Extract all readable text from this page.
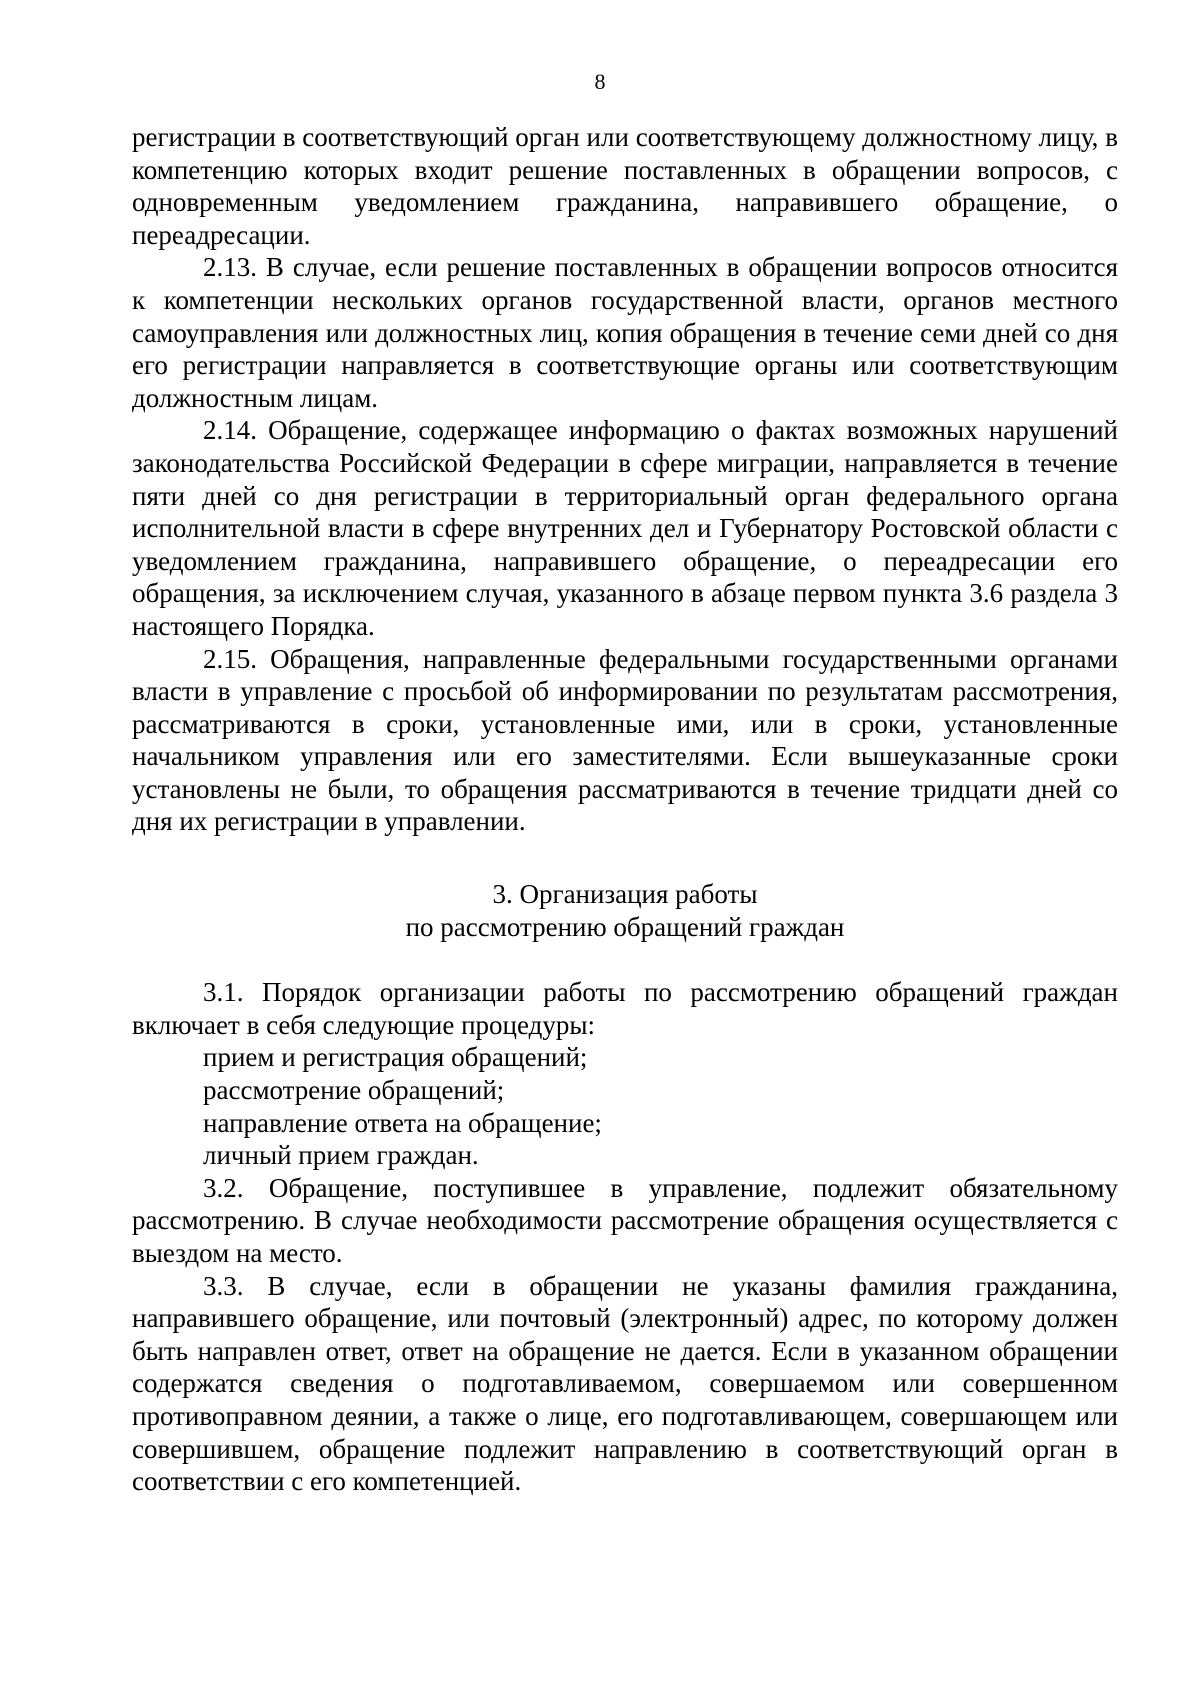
8

регистрации в соответствующий орган или соответствующему должностному лицу, в компетенцию которых входит решение поставленных в обращении вопросов, с одновременным уведомлением гражданина, направившего обращение, о переадресации.

2.13. В случае, если решение поставленных в обращении вопросов относится к компетенции нескольких органов государственной власти, органов местного самоуправления или должностных лиц, копия обращения в течение семи дней со дня его регистрации направляется в соответствующие органы или соответствующим должностным лицам.

2.14. Обращение, содержащее информацию о фактах возможных нарушений законодательства Российской Федерации в сфере миграции, направляется в течение пяти дней со дня регистрации в территориальный орган федерального органа исполнительной власти в сфере внутренних дел и Губернатору Ростовской области с уведомлением гражданина, направившего обращение, о переадресации его обращения, за исключением случая, указанного в абзаце первом пункта 3.6 раздела 3 настоящего Порядка.

2.15. Обращения, направленные федеральными государственными органами власти в управление с просьбой об информировании по результатам рассмотрения, рассматриваются в сроки, установленные ими, или в сроки, установленные начальником управления или его заместителями. Если вышеуказанные сроки установлены не были, то обращения рассматриваются в течение тридцати дней со дня их регистрации в управлении.

3. Организация работы
по рассмотрению обращений граждан

3.1. Порядок организации работы по рассмотрению обращений граждан включает в себя следующие процедуры:

прием и регистрация обращений;

рассмотрение обращений;

направление ответа на обращение;

личный прием граждан.

3.2. Обращение, поступившее в управление, подлежит обязательному рассмотрению. В случае необходимости рассмотрение обращения осуществляется с выездом на место.

3.3. В случае, если в обращении не указаны фамилия гражданина, направившего обращение, или почтовый (электронный) адрес, по которому должен быть направлен ответ, ответ на обращение не дается. Если в указанном обращении содержатся сведения о подготавливаемом, совершаемом или совершенном противоправном деянии, а также о лице, его подготавливающем, совершающем или совершившем, обращение подлежит направлению в соответствующий орган в соответствии с его компетенцией.
